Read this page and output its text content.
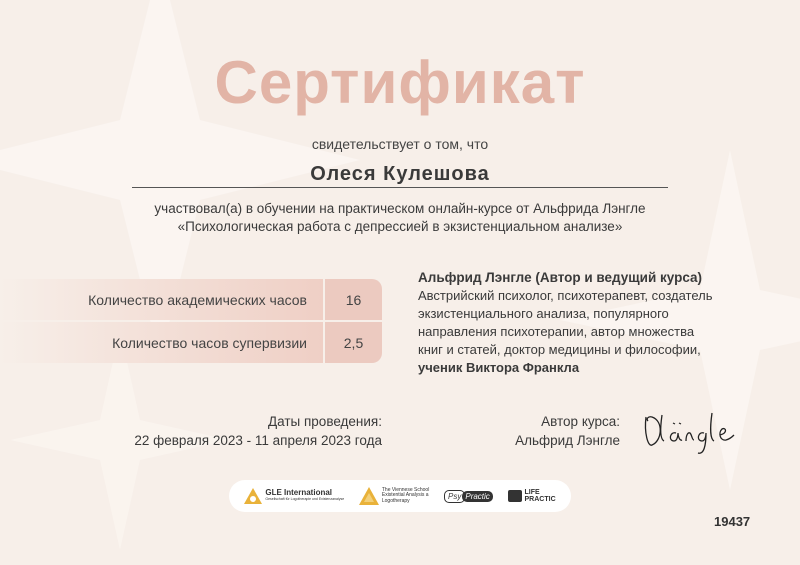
Сертификат
свидетельствует о том, что
Олеся Кулешова
участвовал(а) в обучении на практическом онлайн-курсе от Альфрида Лэнгле
«Психологическая работа с депрессией в экзистенциальном анализе»
Количество академических часов	16
Количество часов супервизии	2,5
Альфрид Лэнгле (Автор и ведущий курса)
Австрийский психолог, психотерапевт, создатель
экзистенциального анализа, популярного
направления психотерапии, автор множества
книг и статей, доктор медицины и философии,
ученик Виктора Франкла
Даты проведения:
22 февраля 2023 - 11 апреля 2023 года
Автор курса:
Альфрид Лэнгле
GLE International
Gesellschaft für Logotherapie und Existenzanalyse
The Viennese School
Existential Analysis a
Logotherapy
Psy Practic	LIFE
PRACTIC
19437
